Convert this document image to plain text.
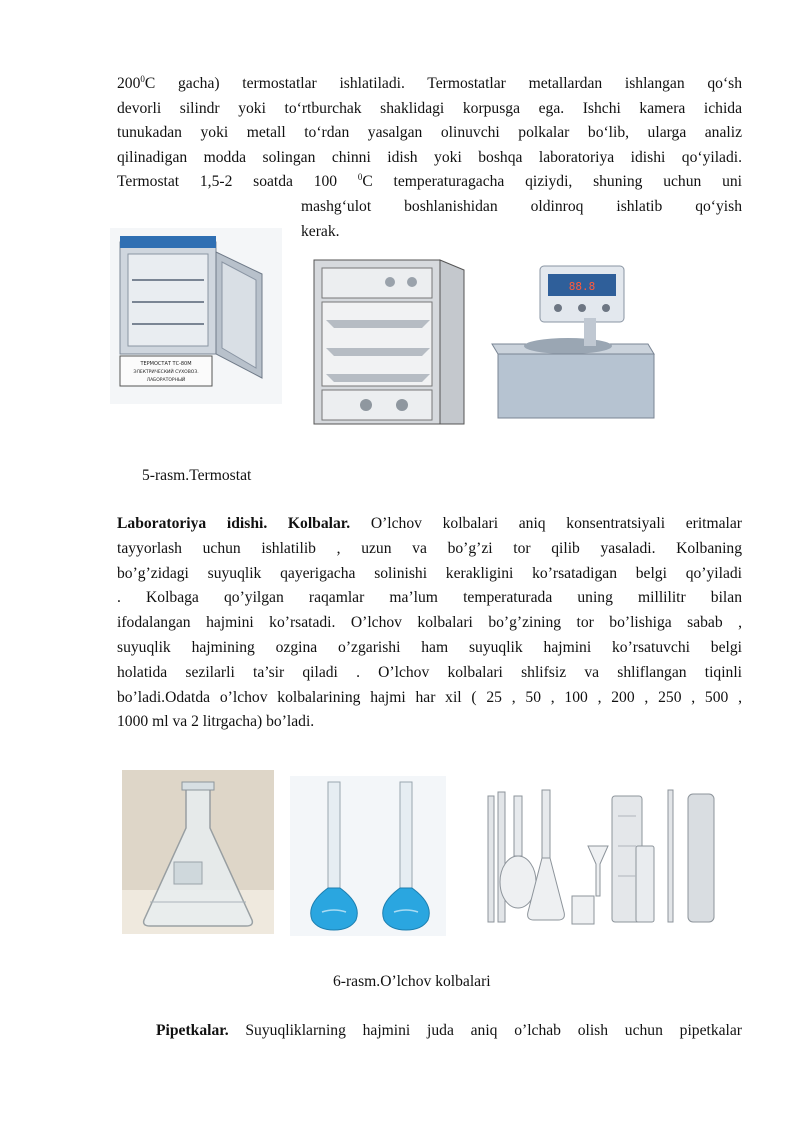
$200^0C$ gacha) termostatlar ishlatiladi. Termostatlar metallardan ishlangan qo‘sh

devorli silindr yoki to‘rtburchak shaklidagi korpusga ega. Ishchi kamera ichida

tunukadan yoki metall to‘rdan yasalgan olinuvchi polkalar bo‘lib, ularga analiz

qilinadigan modda solingan chinni idish yoki boshqa laboratoriya idishi qo‘yiladi.

Termostat 1,5-2 soatda 100 $^0$C temperaturagacha qiziydi, shuning uchun uni

mashg‘ulot boshlanishidan oldinroq ishlatib qo‘yish

kerak.

ТЕРМОСТАТ ТС-80М
ЭЛЕКТРИЧЕСКИЙ СУХОВОЗ.
ЛАБОРАТОРНЫЙ
88.8
5-rasm.Termostat

Laboratoriya idishi. Kolbalar. O’lchov kolbalari aniq konsentratsiyali eritmalar

tayyorlash uchun ishlatilib , uzun va bo’g’zi tor qilib yasaladi. Kolbaning

bo’g’zidagi suyuqlik qayerigacha solinishi kerakligini ko’rsatadigan belgi qo’yiladi

. Kolbaga qo’yilgan raqamlar ma’lum temperaturada uning millilitr bilan

ifodalangan hajmini ko’rsatadi. O’lchov kolbalari bo’g’zining tor bo’lishiga sabab ,

suyuqlik hajmining ozgina o’zgarishi ham suyuqlik hajmini ko’rsatuvchi belgi

holatida sezilarli ta’sir qiladi . O’lchov kolbalari shlifsiz va shliflangan tiqinli

bo’ladi.Odatda o’lchov kolbalarining hajmi har xil ( 25 , 50 , 100 , 200 , 250 , 500 ,

1000 ml va 2 litrgacha) bo’ladi.

6-rasm.O’lchov kolbalari

Pipetkalar. Suyuqliklarning hajmini juda aniq o’lchab olish uchun pipetkalar
